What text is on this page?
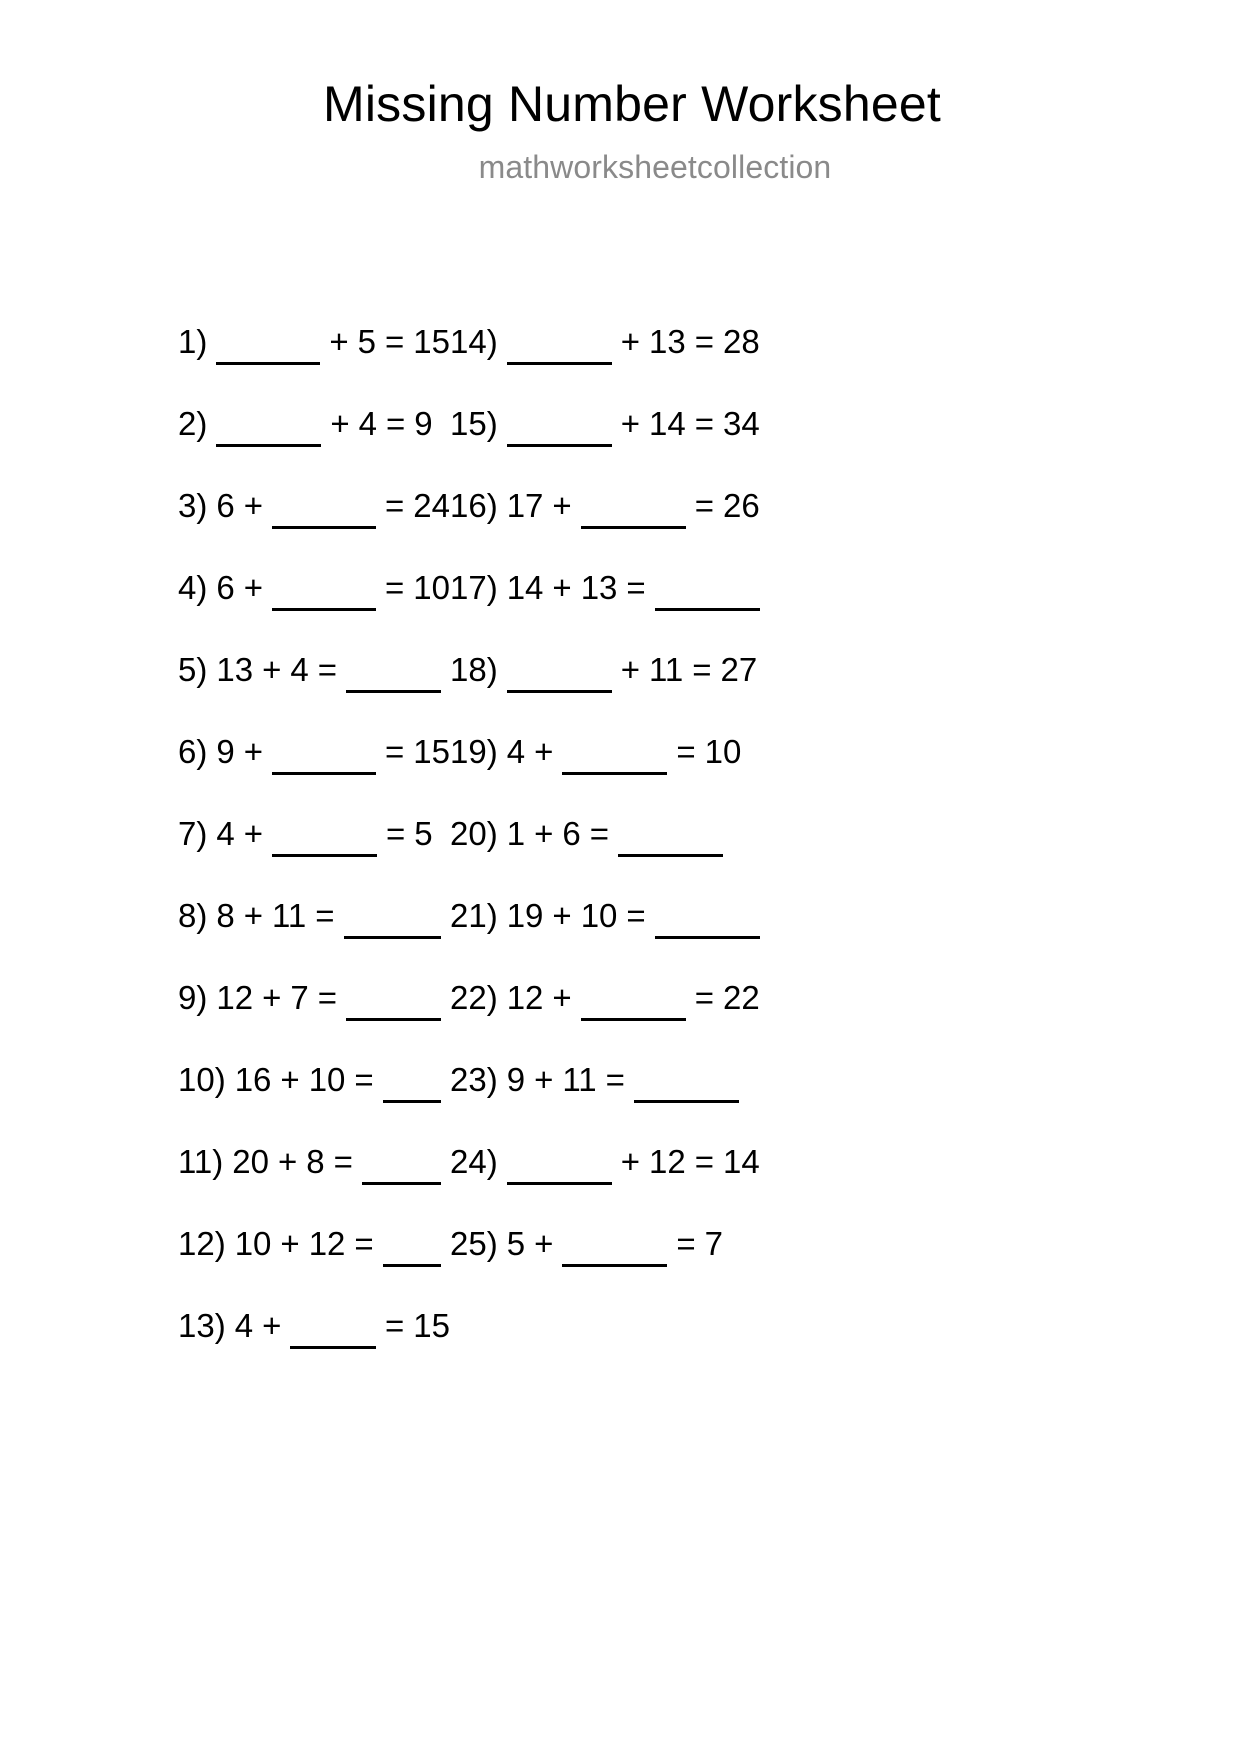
Missing Number Worksheet
mathworksheetcollection
1)	+ 5 = 15
2)	+ 4 = 9
3) 6 +	= 24
4) 6 +	= 10
5) 13 + 4 =
6) 9 +	= 15
7) 4 +	= 5
8) 8 + 11 =
9) 12 + 7 =
10) 16 + 10 =
11) 20 + 8 =
12) 10 + 12 =
13) 4 +	= 15
14)	+ 13 = 28
15)	+ 14 = 34
16) 17 +	= 26
17) 14 + 13 =
18)	+ 11 = 27
19) 4 +	= 10
20) 1 + 6 =
21) 19 + 10 =
22) 12 +	= 22
23) 9 + 11 =
24)	+ 12 = 14
25) 5 +	= 7
